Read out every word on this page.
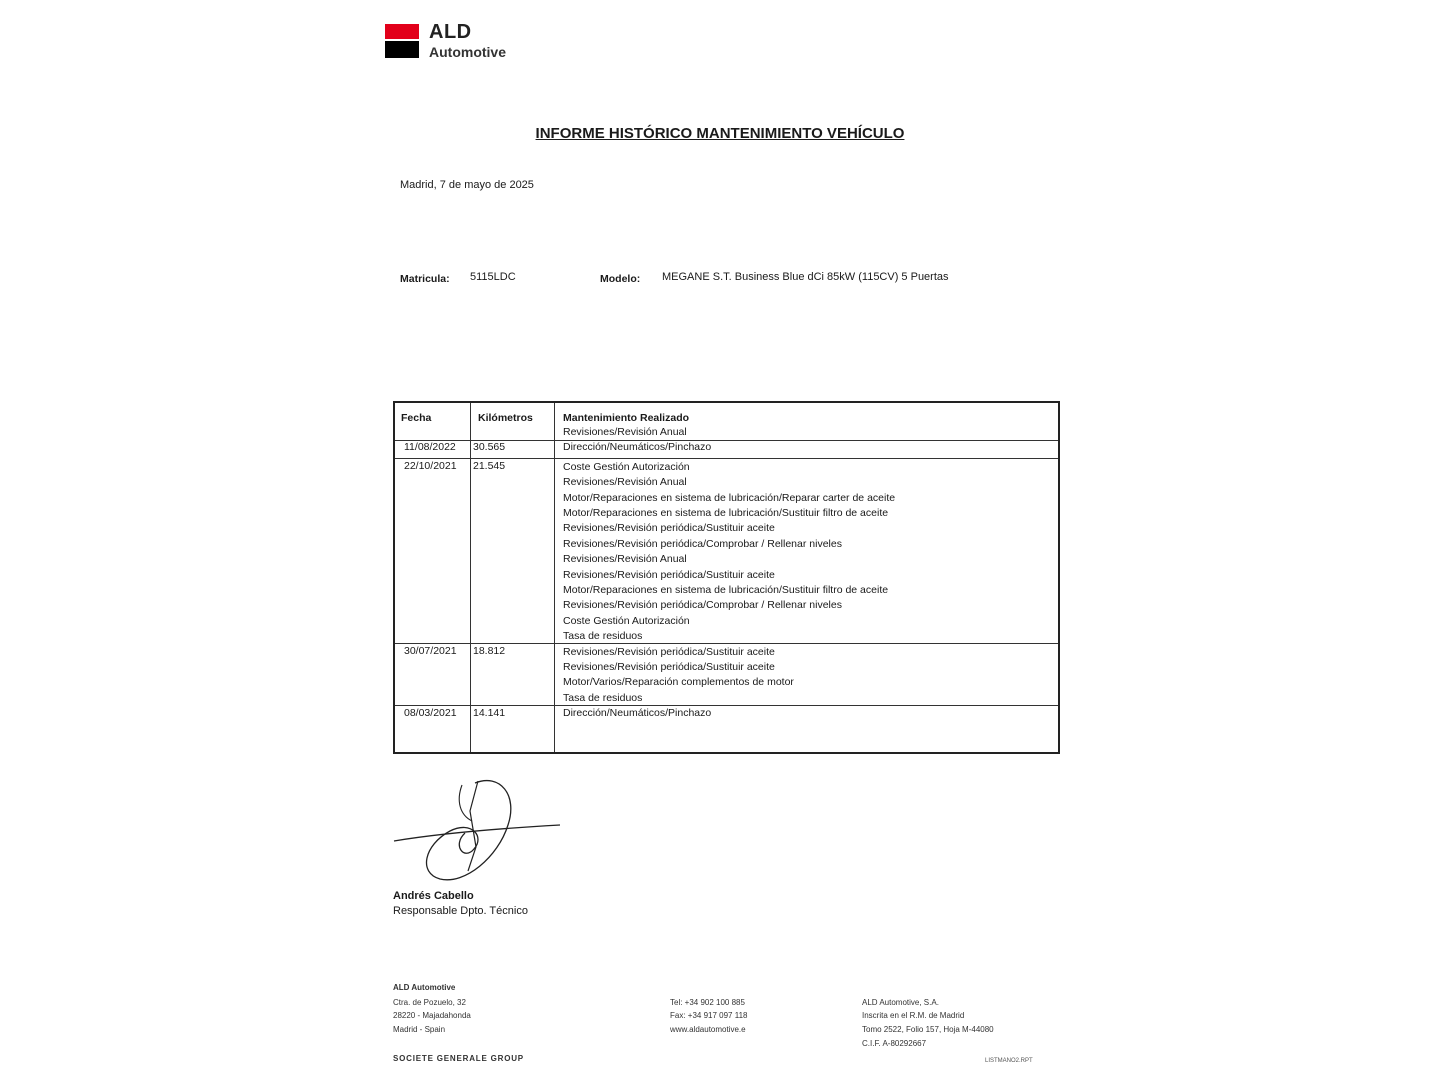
ALD
Automotive
INFORME HISTÓRICO MANTENIMIENTO VEHÍCULO
Madrid, 7 de mayo de 2025
Matricula: 5115LDC	Modelo: MEGANE S.T. Business Blue dCi 85kW (115CV) 5 Puertas
Fecha	Kilómetros	Mantenimiento Realizado
Revisiones/Revisión Anual
11/08/2022 30.565	Dirección/Neumáticos/Pinchazo
22/10/2021 21.545	Coste Gestión Autorización
Revisiones/Revisión Anual
Motor/Reparaciones en sistema de lubricación/Reparar carter de aceite
Motor/Reparaciones en sistema de lubricación/Sustituir filtro de aceite
Revisiones/Revisión periódica/Sustituir aceite
Revisiones/Revisión periódica/Comprobar / Rellenar niveles
Revisiones/Revisión Anual
Revisiones/Revisión periódica/Sustituir aceite
Motor/Reparaciones en sistema de lubricación/Sustituir filtro de aceite
Revisiones/Revisión periódica/Comprobar / Rellenar niveles
Coste Gestión Autorización
Tasa de residuos
30/07/2021 18.812	Revisiones/Revisión periódica/Sustituir aceite
Revisiones/Revisión periódica/Sustituir aceite
Motor/Varios/Reparación complementos de motor
Tasa de residuos
08/03/2021 14.141	Dirección/Neumáticos/Pinchazo
Andrés Cabello
Responsable Dpto. Técnico
ALD Automotive
Ctra. de Pozuelo, 32
28220 - Majadahonda
Madrid - Spain
Tel: +34 902 100 885
Fax: +34 917 097 118
www.aldautomotive.e
ALD Automotive, S.A.
Inscrita en el R.M. de Madrid
Tomo 2522, Folio 157, Hoja M-44080
C.I.F. A-80292667
SOCIETE GENERALE GROUP	LISTMANO2.RPT
